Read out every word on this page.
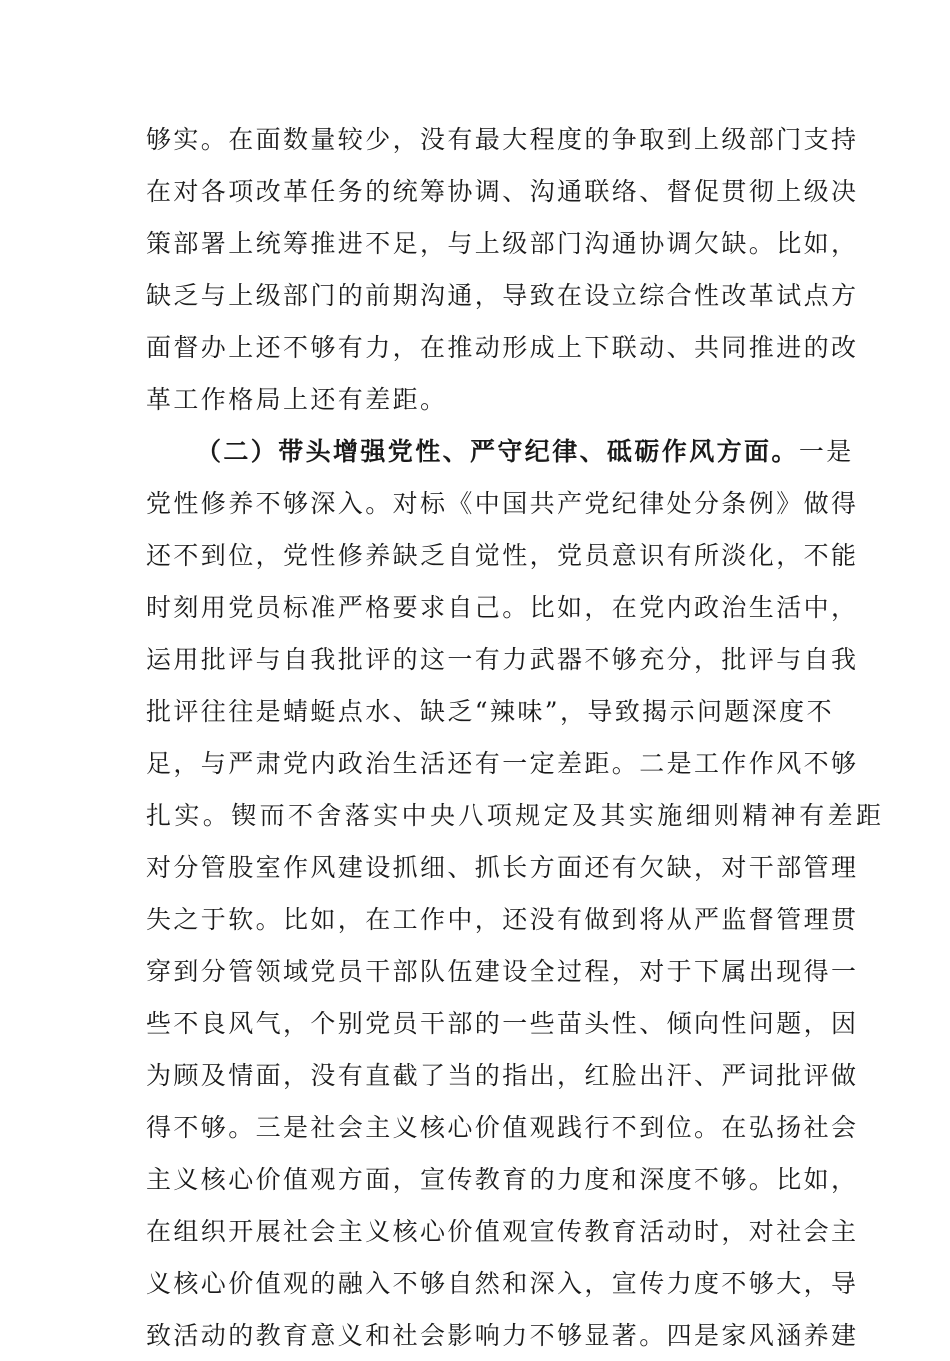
够实。在面数量较少，没有最大程度的争取到上级部门支持
在对各项改革任务的统筹协调、沟通联络、督促贯彻上级决
策部署上统筹推进不足，与上级部门沟通协调欠缺。比如，
缺乏与上级部门的前期沟通，导致在设立综合性改革试点方
面督办上还不够有力，在推动形成上下联动、共同推进的改
革工作格局上还有差距。
（二）带头增强党性、严守纪律、砥砺作风方面。一是
党性修养不够深入。对标《中国共产党纪律处分条例》做得
还不到位，党性修养缺乏自觉性，党员意识有所淡化，不能
时刻用党员标准严格要求自己。比如，在党内政治生活中，
运用批评与自我批评的这一有力武器不够充分，批评与自我
批评往往是蜻蜓点水、缺乏“辣味”，导致揭示问题深度不
足，与严肃党内政治生活还有一定差距。二是工作作风不够
扎实。锲而不舍落实中央八项规定及其实施细则精神有差距
对分管股室作风建设抓细、抓长方面还有欠缺，对干部管理
失之于软。比如，在工作中，还没有做到将从严监督管理贯
穿到分管领域党员干部队伍建设全过程，对于下属出现得一
些不良风气，个别党员干部的一些苗头性、倾向性问题，因
为顾及情面，没有直截了当的指出，红脸出汗、严词批评做
得不够。三是社会主义核心价值观践行不到位。在弘扬社会
主义核心价值观方面，宣传教育的力度和深度不够。比如，
在组织开展社会主义核心价值观宣传教育活动时，对社会主
义核心价值观的融入不够自然和深入，宣传力度不够大，导
致活动的教育意义和社会影响力不够显著。四是家风涵养建
